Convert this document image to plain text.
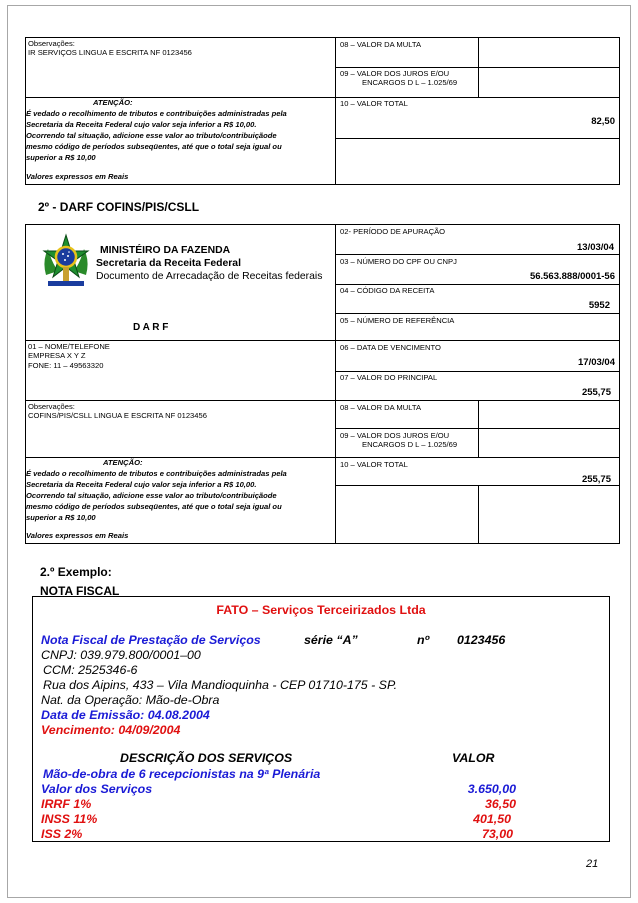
Observações:
IR SERVIÇOS LINGUA E ESCRITA NF 0123456
08 – VALOR DA MULTA
09 – VALOR DOS JUROS E/OU
ENCARGOS D L – 1.025/69
10 – VALOR TOTAL
82,50
ATENÇÃO:
É vedado o recolhimento de tributos e contribuições administradas pela
Secretaria da Receita Federal cujo valor seja inferior a R$ 10,00.
Ocorrendo tal situação, adicione esse valor ao tributo/contribuiçãode
mesmo código de períodos subseqüentes, até que o total seja igual ou
superior a R$ 10,00
Valores expressos em Reais
2º - DARF COFINS/PIS/CSLL
MINISTÉIRO DA FAZENDA
Secretaria da Receita Federal
Documento de Arrecadação de Receitas federais
D A R F
02- PERÍODO DE APURAÇÃO
13/03/04
03 – NÚMERO DO CPF OU CNPJ
56.563.888/0001-56
04 – CÓDIGO DA RECEITA
5952
05 – NÚMERO DE REFERÊNCIA
01 – NOME/TELEFONE
EMPRESA X Y Z
FONE: 11 – 49563320
06 – DATA DE VENCIMENTO
17/03/04
07 – VALOR DO PRINCIPAL
255,75
Observações:
COFINS/PIS/CSLL LINGUA E ESCRITA NF 0123456
08 – VALOR DA MULTA
09 – VALOR DOS JUROS E/OU
ENCARGOS D L – 1.025/69
10 – VALOR TOTAL
255,75
ATENÇÃO:
É vedado o recolhimento de tributos e contribuições administradas pela
Secretaria da Receita Federal cujo valor seja inferior a R$ 10,00.
Ocorrendo tal situação, adicione esse valor ao tributo/contribuiçãode
mesmo código de períodos subseqüentes, até que o total seja igual ou
superior a R$ 10,00
Valores expressos em Reais
2.º Exemplo:
NOTA FISCAL
FATO – Serviços Terceirizados Ltda
Nota Fiscal de Prestação de Serviços	série “A”	nº 0123456
CNPJ: 039.979.800/0001–00
CCM: 2525346-6
Rua dos Aipins, 433 – Vila Mandioquinha - CEP 01710-175 - SP.
Nat. da Operação: Mão-de-Obra
Data de Emissão: 04.08.2004
Vencimento: 04/09/2004
DESCRIÇÃO DOS SERVIÇOS	VALOR
Mão-de-obra de 6 recepcionistas na 9ª Plenária
Valor dos Serviços	3.650,00
IRRF 1%	36,50
INSS 11%	401,50
ISS 2%	73,00
21
